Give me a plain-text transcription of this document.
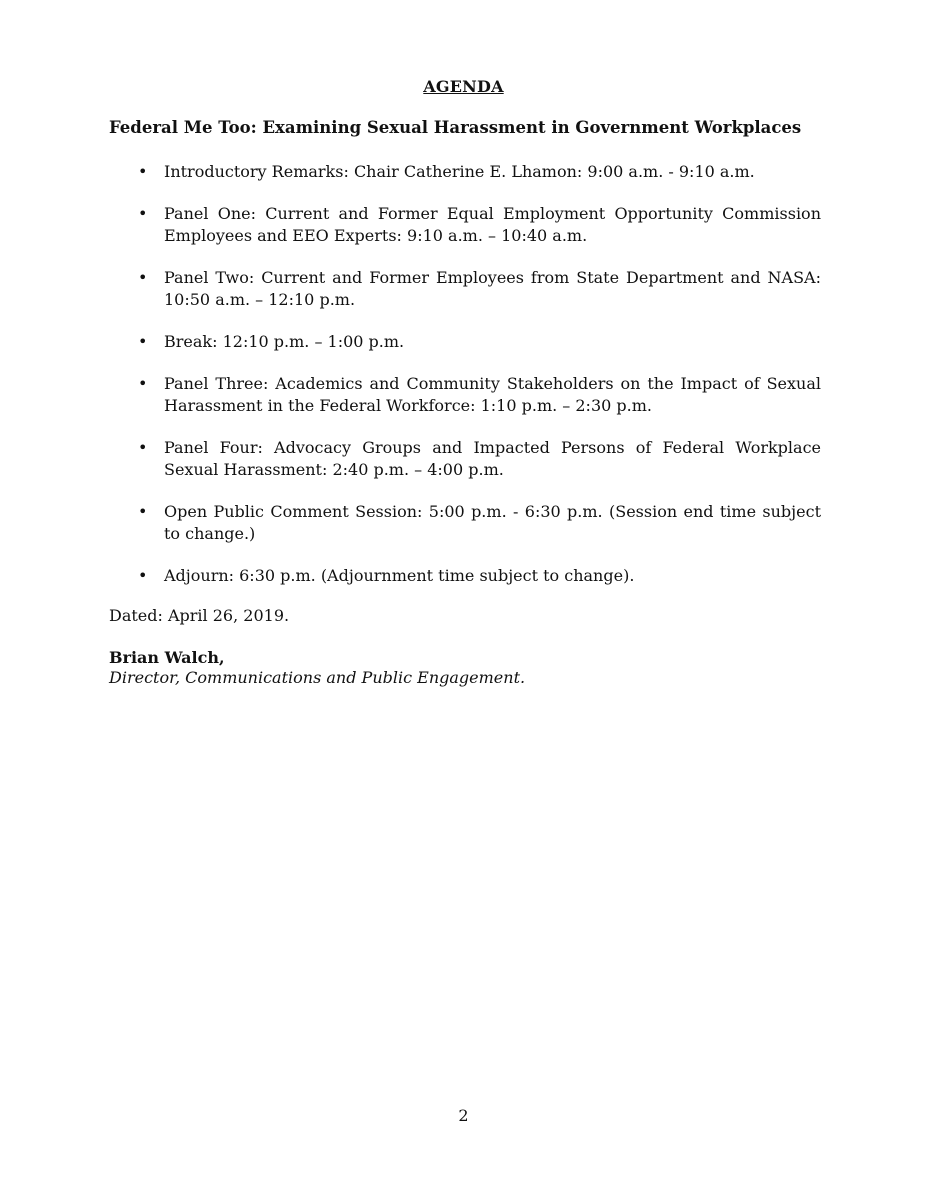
AGENDA
Federal Me Too: Examining Sexual Harassment in Government Workplaces
• Introductory Remarks: Chair Catherine E. Lhamon: 9:00 a.m. - 9:10 a.m.
• Panel One: Current and Former Equal Employment Opportunity Commission Employees and EEO Experts: 9:10 a.m. – 10:40 a.m.
• Panel Two: Current and Former Employees from State Department and NASA: 10:50 a.m. – 12:10 p.m.
• Break: 12:10 p.m. – 1:00 p.m.
• Panel Three: Academics and Community Stakeholders on the Impact of Sexual Harassment in the Federal Workforce: 1:10 p.m. – 2:30 p.m.
• Panel Four: Advocacy Groups and Impacted Persons of Federal Workplace Sexual Harassment: 2:40 p.m. – 4:00 p.m.
• Open Public Comment Session: 5:00 p.m. - 6:30 p.m. (Session end time subject to change.)
• Adjourn: 6:30 p.m. (Adjournment time subject to change).
Dated: April 26, 2019.
Brian Walch,
Director, Communications and Public Engagement.
2
